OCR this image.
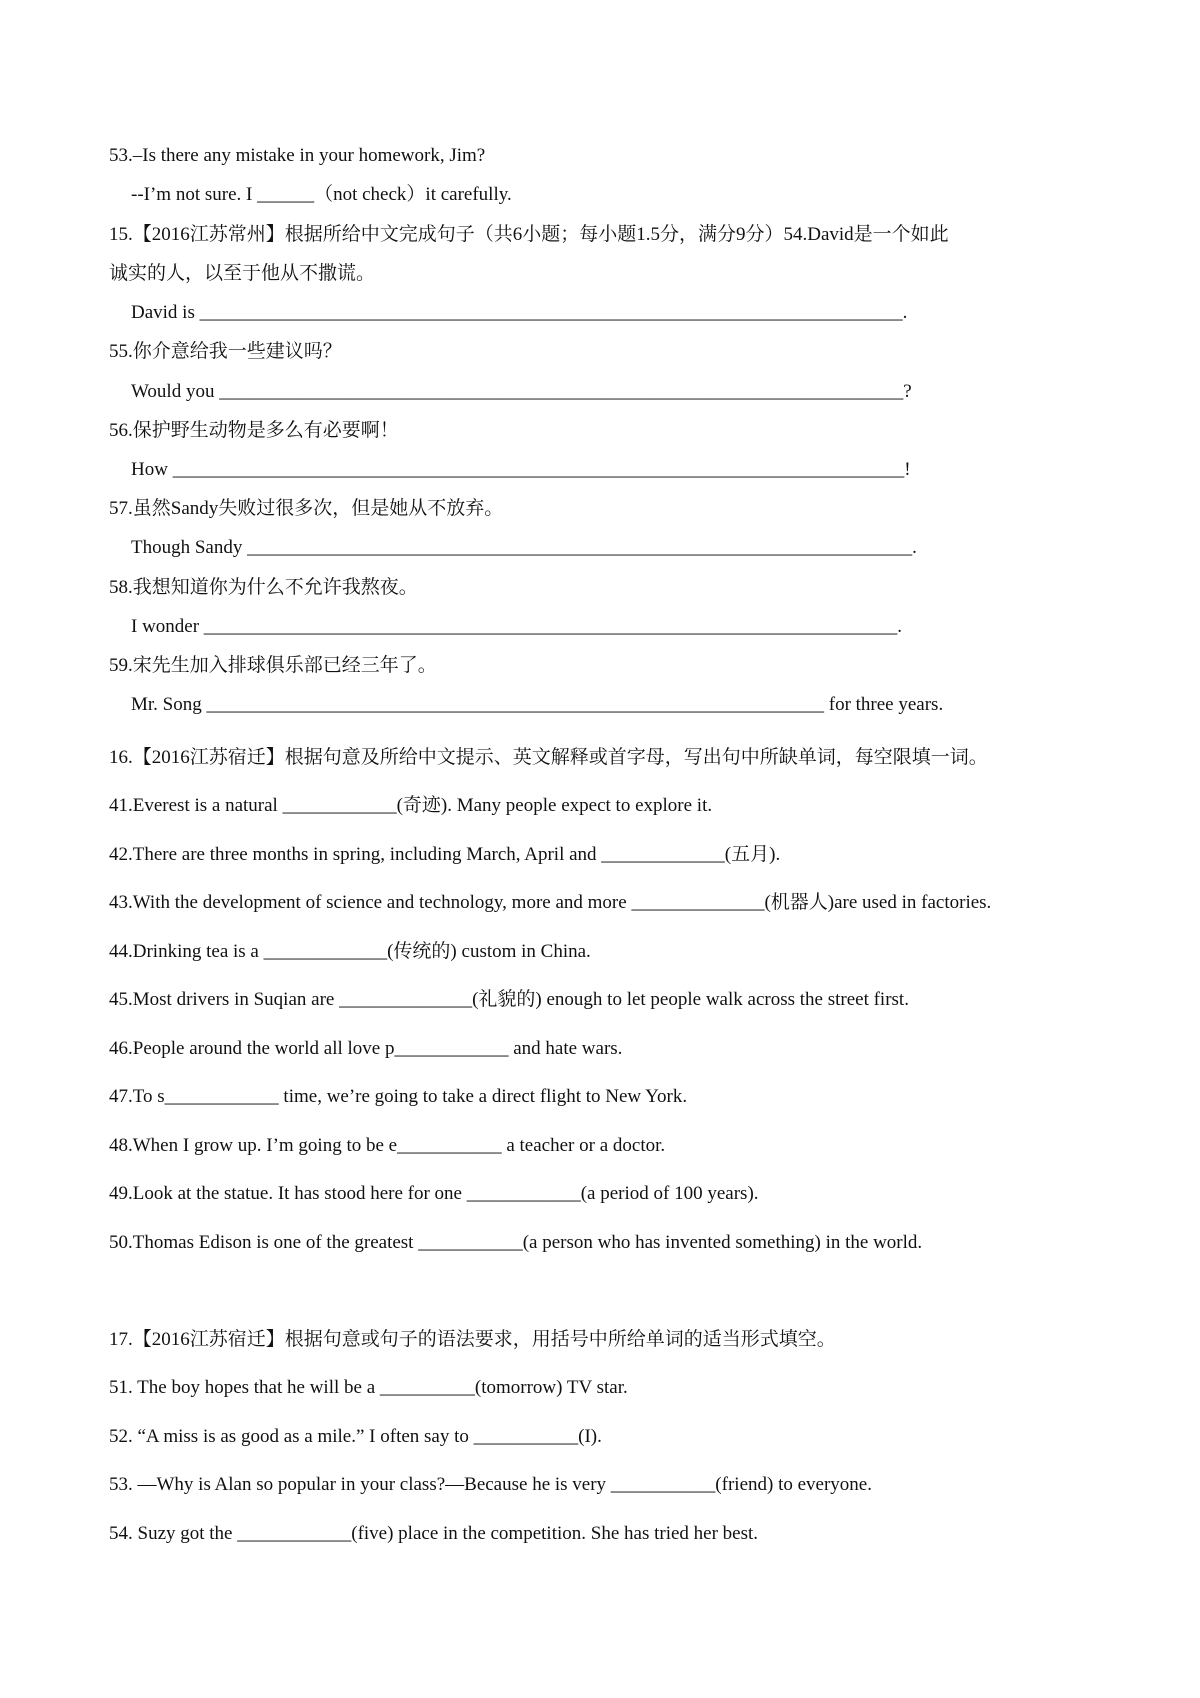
53.–Is there any mistake in your homework, Jim?
--I’m not sure. I ______（not check）it carefully.
15.【2016江苏常州】根据所给中文完成句子（共6小题；每小题1.5分，满分9分）54.David是一个如此
诚实的人，以至于他从不撒谎。
David is __________________________________________________________________________.
55.你介意给我一些建议吗？
Would you ________________________________________________________________________?
56.保护野生动物是多么有必要啊！
How _____________________________________________________________________________!
57.虽然Sandy失败过很多次，但是她从不放弃。
Though Sandy ______________________________________________________________________.
58.我想知道你为什么不允许我熬夜。
I wonder _________________________________________________________________________.
59.宋先生加入排球俱乐部已经三年了。
Mr. Song _________________________________________________________________ for three years.
16.【2016江苏宿迁】根据句意及所给中文提示、英文解释或首字母，写出句中所缺单词，每空限填一词。
41.Everest is a natural ____________(奇迹). Many people expect to explore it.
42.There are three months in spring, including March, April and _____________(五月).
43.With the development of science and technology, more and more ______________(机器人)are used in factories.
44.Drinking tea is a _____________(传统的) custom in China.
45.Most drivers in Suqian are ______________(礼貌的) enough to let people walk across the street first.
46.People around the world all love p____________ and hate wars.
47.To s____________ time, we’re going to take a direct flight to New York.
48.When I grow up. I’m going to be e___________ a teacher or a doctor.
49.Look at the statue. It has stood here for one ____________(a period of 100 years).
50.Thomas Edison is one of the greatest ___________(a person who has invented something) in the world.
17.【2016江苏宿迁】根据句意或句子的语法要求，用括号中所给单词的适当形式填空。
51. The boy hopes that he will be a __________(tomorrow) TV star.
52. “A miss is as good as a mile.” I often say to ___________(I).
53. —Why is Alan so popular in your class?—Because he is very ___________(friend) to everyone.
54. Suzy got the ____________(five) place in the competition. She has tried her best.
